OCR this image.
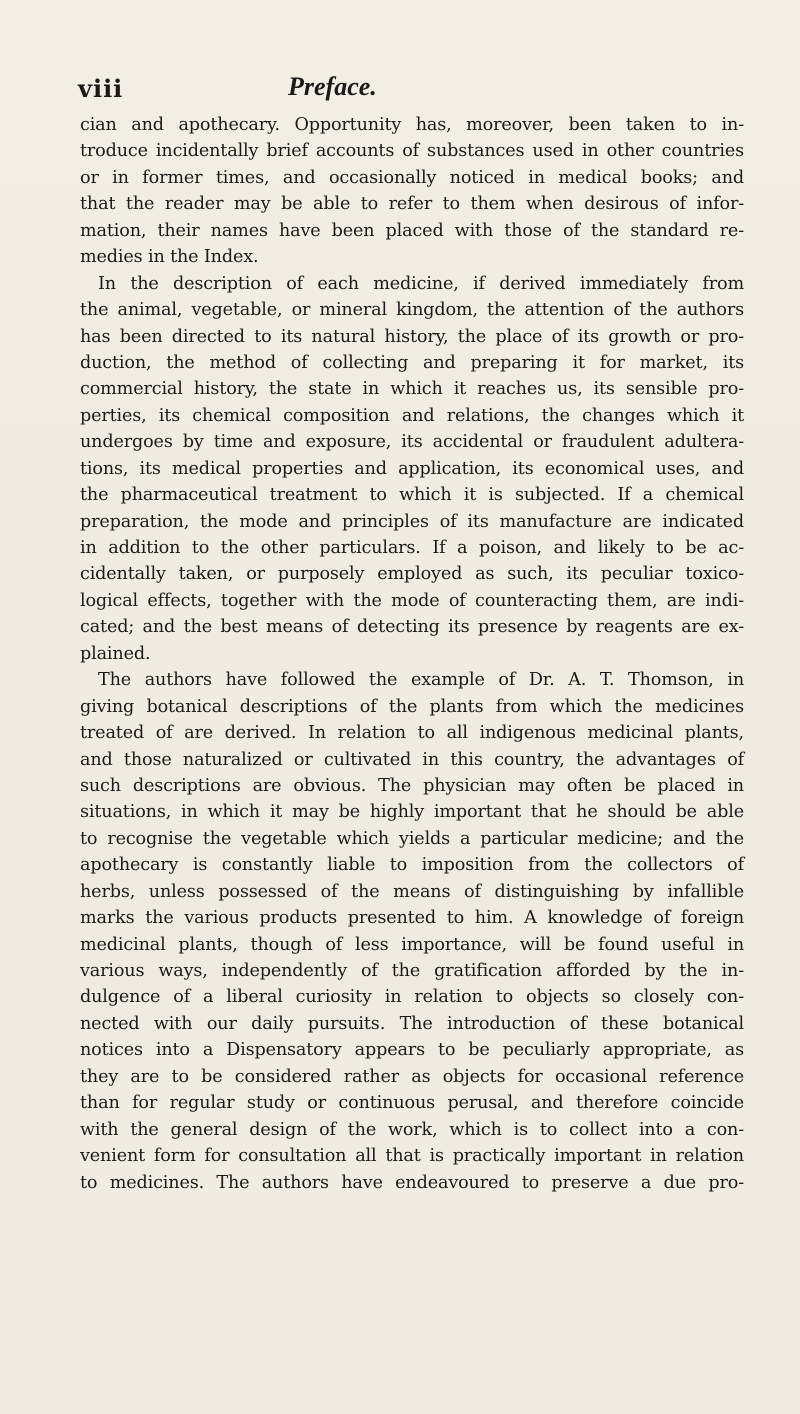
viii	Preface.
cian and apothecary. Opportunity has, moreover, been taken to in-
troduce incidentally brief accounts of substances used in other countries
or in former times, and occasionally noticed in medical books; and
that the reader may be able to refer to them when desirous of infor-
mation, their names have been placed with those of the standard re-
medies in the Index.
In the description of each medicine, if derived immediately from
the animal, vegetable, or mineral kingdom, the attention of the authors
has been directed to its natural history, the place of its growth or pro-
duction, the method of collecting and preparing it for market, its
commercial history, the state in which it reaches us, its sensible pro-
perties, its chemical composition and relations, the changes which it
undergoes by time and exposure, its accidental or fraudulent adultera-
tions, its medical properties and application, its economical uses, and
the pharmaceutical treatment to which it is subjected. If a chemical
preparation, the mode and principles of its manufacture are indicated
in addition to the other particulars. If a poison, and likely to be ac-
cidentally taken, or purposely employed as such, its peculiar toxico-
logical effects, together with the mode of counteracting them, are indi-
cated; and the best means of detecting its presence by reagents are ex-
plained.
The authors have followed the example of Dr. A. T. Thomson, in
giving botanical descriptions of the plants from which the medicines
treated of are derived. In relation to all indigenous medicinal plants,
and those naturalized or cultivated in this country, the advantages of
such descriptions are obvious. The physician may often be placed in
situations, in which it may be highly important that he should be able
to recognise the vegetable which yields a particular medicine; and the
apothecary is constantly liable to imposition from the collectors of
herbs, unless possessed of the means of distinguishing by infallible
marks the various products presented to him. A knowledge of foreign
medicinal plants, though of less importance, will be found useful in
various ways, independently of the gratification afforded by the in-
dulgence of a liberal curiosity in relation to objects so closely con-
nected with our daily pursuits. The introduction of these botanical
notices into a Dispensatory appears to be peculiarly appropriate, as
they are to be considered rather as objects for occasional reference
than for regular study or continuous perusal, and therefore coincide
with the general design of the work, which is to collect into a con-
venient form for consultation all that is practically important in relation
to medicines. The authors have endeavoured to preserve a due pro-
